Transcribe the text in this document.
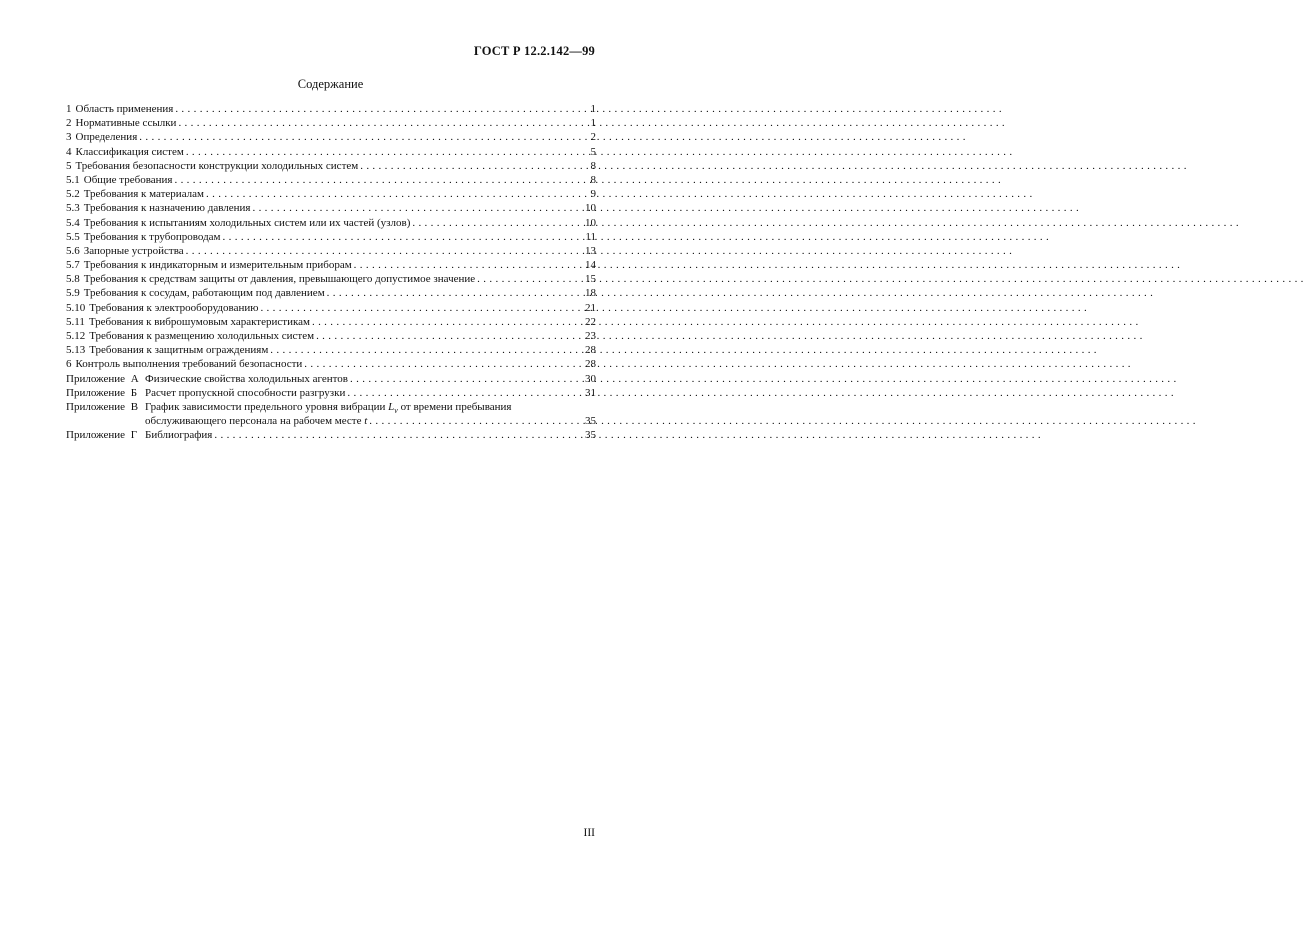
ГОСТ Р 12.2.142—99
Содержание
1 Область применения . . .	1
2 Нормативные ссылки . . .	1
3 Определения . . .	2
4 Классификация систем . . .	5
5 Требования безопасности конструкции холодильных систем . . .	8
5.1 Общие требования . . .	8
5.2 Требования к материалам . . .	9
5.3 Требования к назначению давления . . .	10
5.4 Требования к испытаниям холодильных систем или их частей (узлов) . . .	10
5.5 Требования к трубопроводам . . .	11
5.6 Запорные устройства . . .	13
5.7 Требования к индикаторным и измерительным приборам . . .	14
5.8 Требования к средствам защиты от давления, превышающего допустимое значение . . .	15
5.9 Требования к сосудам, работающим под давлением . . .	18
5.10 Требования к электрооборудованию . . .	21
5.11 Требования к виброшумовым характеристикам . . .	22
5.12 Требования к размещению холодильных систем . . .	23
5.13 Требования к защитным ограждениям . . .	28
6 Контроль выполнения требований безопасности . . .	28
Приложение А Физические свойства холодильных агентов . . .	30
Приложение Б Расчет пропускной способности разгрузки . . .	31
Приложение В График зависимости предельного уровня вибрации $L_v$ от времени пребывания
обслуживающего персонала на рабочем месте t . . .	35
Приложение Г Библиография . . .	35
III
